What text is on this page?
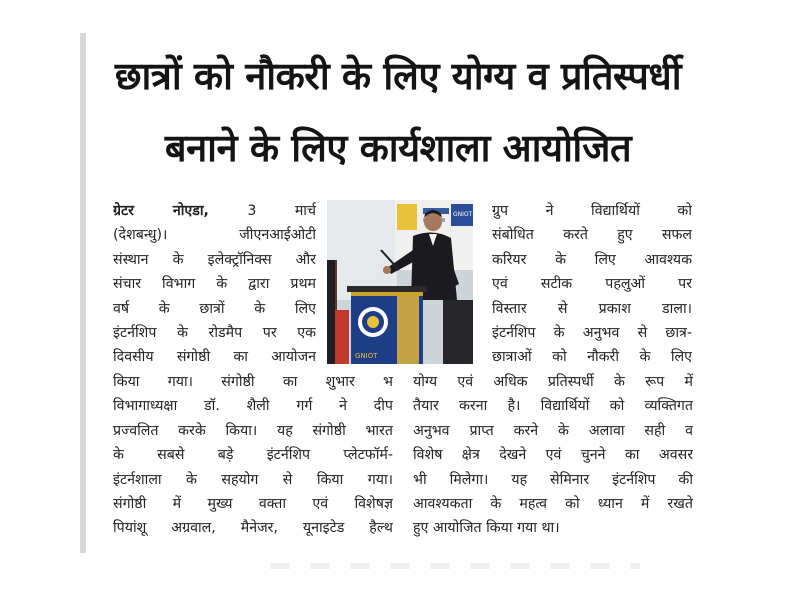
छात्रों को नौकरी के लिए योग्य व प्रतिस्पर्धी
बनाने के लिए कार्यशाला आयोजित
ग्रेटर नोएडा, 3 मार्च
(देशबन्धु)। जीएनआईओटी
संस्थान के इलेक्ट्रॉनिक्स और
संचार विभाग के द्वारा प्रथम
वर्ष के छात्रों के लिए
इंटर्नशिप के रोडमैप पर एक
दिवसीय संगोष्ठी का आयोजन
GNIOT
GNIOT
ग्रुप ने विद्यार्थियों को
संबोधित करते हुए सफल
करियर के लिए आवश्यक
एवं सटीक पहलुओं पर
विस्तार से प्रकाश डाला।
इंटर्नशिप के अनुभव से छात्र-
छात्राओं को नौकरी के लिए
किया गया। संगोष्ठी का शुभार भ
विभागाध्यक्षा डॉ. शैली गर्ग ने दीप
प्रज्वलित करके किया। यह संगोष्ठी भारत
के सबसे बड़े इंटर्नशिप प्लेटफॉर्म-
इंटर्नशाला के सहयोग से किया गया।
संगोष्ठी में मुख्य वक्ता एवं विशेषज्ञ
पियांशू अग्रवाल, मैनेजर, यूनाइटेड हैल्थ
योग्य एवं अधिक प्रतिस्पर्धी के रूप में
तैयार करना है। विद्यार्थियों को व्यक्तिगत
अनुभव प्राप्त करने के अलावा सही व
विशेष क्षेत्र देखने एवं चुनने का अवसर
भी मिलेगा। यह सेमिनार इंटर्नशिप की
आवश्यकता के महत्व को ध्यान में रखते
हुए आयोजित किया गया था।
